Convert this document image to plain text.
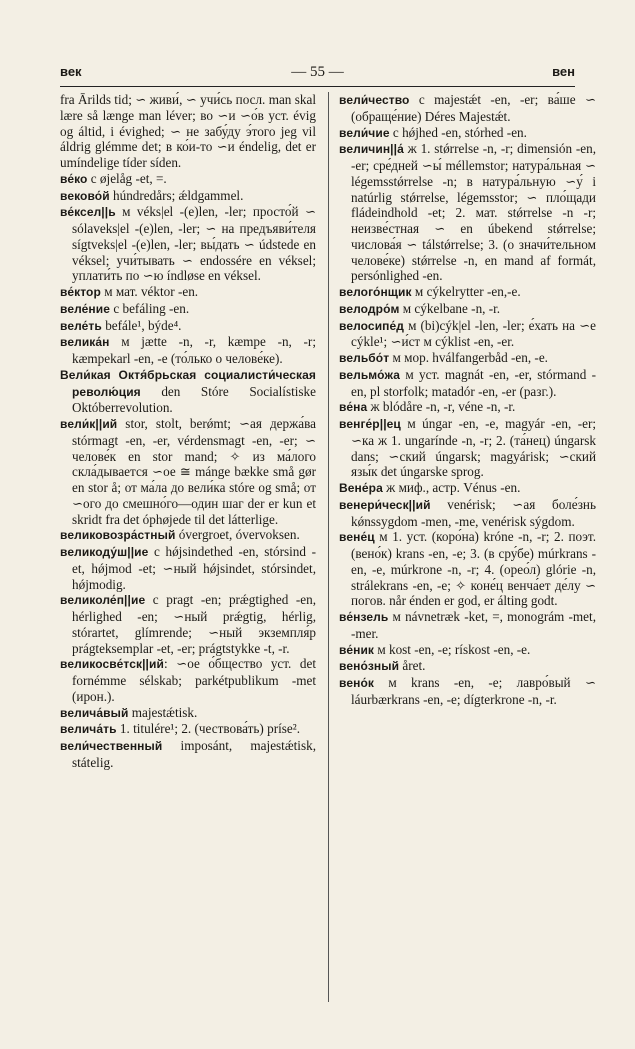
век	— 55 —	вен

fra Ārilds tid; ∽ живи́, ∽ учи́сь посл. man skal lære så længe man léver; во ∽и ∽о́в уст. évig og áltid, i évighed; ∽ не забу́ду э́того jeg vil áldrig glémme det; в ко́и-то ∽и éndelig, det er umíndelige tíder síden.

ве́ко с øjelåg -et, =.

веково́й húndredårs; ǽldgammel.

ве́ксел||ь м véks|el -(e)len, -ler; просто́й ∽ sólaveks|el -(e)len, -ler; ∽ на предъяви́теля sígtveks|el -(e)len, -ler; вы́дать ∽ údstede en véksel; учи́тывать ∽ endossére en véksel; уплати́ть по ∽ю índløse en véksel.

ве́ктор м мат. véktor -en.

веле́ние с befáling -en.

веле́ть befále¹, býde⁴.

велика́н м jætte -n, -r, kæmpe -n, -r; kæmpekarl -en, -e (то́лько о челове́ке).

Вели́кая Октя́брьская социалисти́ческая револю́ция den Stóre Socialístiske Októberrevolution.

вели́к||ий stor, stolt, berǿmt; ∽ая держа́ва stórmagt -en, -er, vérdensmagt -en, -er; ∽ челове́к en stor mand; ✧ из ма́лого скла́дывается ∽ое ≅ mánge bække små gør en stor å; от ма́ла до вели́ка stóre og små; от ∽ого до смешно́го—один шаг der er kun et skridt fra det óphøjede til det látterlige.

великовозра́стный óvergroet, óvervoksen.

великоду́ш||ие с hǿjsindethed -en, stórsind -et, hǿjmod -et; ∽ный hǿjsindet, stórsindet, hǿjmodig.

великоле́п||ие с pragt -en; prǽgtighed -en, hérlighed -en; ∽ный prǽgtig, hérlig, stórartet, glímrende; ∽ный экземпля́р prágteksemplar -et, -er; prágtstykke -t, -r.

великосве́тск||ий: ∽ое о́бщество уст. det fornémme sélskab; parkétpublikum -met (ирон.).

велича́вый majestǽtisk.

велича́ть 1. titulére¹; 2. (чествова́ть) príse².

вели́чественный imposánt, majestǽtisk, státelig.

вели́чество с majestǽt -en, -er; ва́ше ∽ (обраще́ние) Déres Majestǽt.

вели́чие с hǿjhed -en, stórhed -en.

величин||а́ ж 1. stǿrrelse -n, -r; dimensión -en, -er; сре́дней ∽ы́ méllemstor; натура́льная ∽ légemsstǿrrelse -n; в натура́льную ∽у́ i natúrlig stǿrrelse, légemsstor; ∽ пло́щади fládeindhold -et; 2. мат. stǿrrelse -n -r; неизве́стная ∽ en úbekend stǿrrelse; числова́я ∽ tálstǿrrelse; 3. (о значи́тельном челове́ке) stǿrrelse -n, en mand af formát, persónlighed -en.

велого́нщик м cýkelrytter -en,-e.

велодро́м м cýkelbane -n, -r.

велосипе́д м (bi)cýk|el -len, -ler; е́хать на ∽е cýkle¹; ∽и́ст м cýklist -en, -er.

вельбо́т м мор. hválfangerbåd -en, -e.

вельмо́жа м уст. magnát -en, -er, stórmand -en, pl storfolk; matadór -en, -er (разг.).

ве́на ж blódåre -n, -r, véne -n, -r.

венге́р||ец м úngar -en, -e, magyár -en, -er; ∽ка ж 1. ungarínde -n, -r; 2. (та́нец) úngarsk dans; ∽ский úngarsk; magyárisk; ∽ский язы́к det úngarske sprog.

Вене́ра ж миф., астр. Vénus -en.

венери́ческ||ий venérisk; ∽ая боле́знь kǿnssygdom -men, -me, venérisk sýgdom.

вене́ц м 1. уст. (коро́на) króne -n, -r; 2. поэт. (вено́к) krans -en, -e; 3. (в сру́бе) múrkrans -en, -e, múrkrone -n, -r; 4. (орео́л) glórie -n, strálekrans -en, -e; ✧ коне́ц венча́ет де́лу ∽ погов. når énden er god, er álting godt.

ве́нзель м návnetræk -ket, =, monográm -met, -mer.

ве́ник м kost -en, -e; rískost -en, -e.

вено́зный året.

вено́к м krans -en, -e; лавро́вый ∽ láurbærkrans -en, -e; dígterkrone -n, -r.
